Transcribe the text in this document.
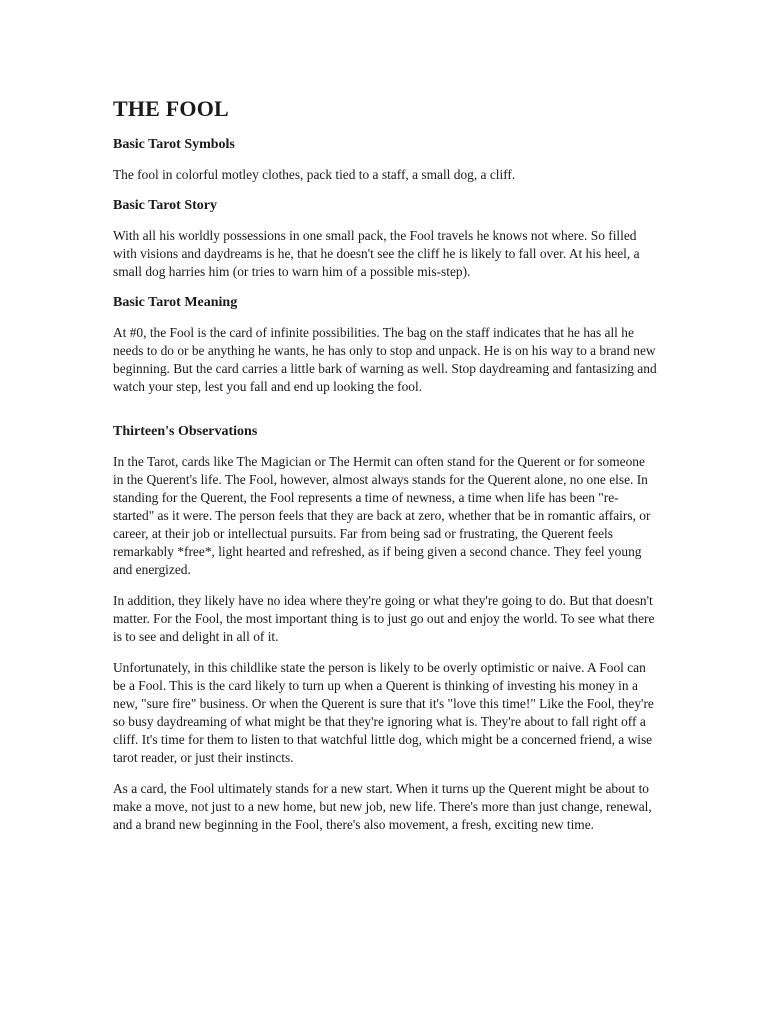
THE FOOL
Basic Tarot Symbols

The fool in colorful motley clothes, pack tied to a staff, a small dog, a cliff.

Basic Tarot Story

With all his worldly possessions in one small pack, the Fool travels he knows not where. So filled with visions and daydreams is he, that he doesn't see the cliff he is likely to fall over. At his heel, a small dog harries him (or tries to warn him of a possible mis-step).

Basic Tarot Meaning

At #0, the Fool is the card of infinite possibilities. The bag on the staff indicates that he has all he needs to do or be anything he wants, he has only to stop and unpack. He is on his way to a brand new beginning. But the card carries a little bark of warning as well. Stop daydreaming and fantasizing and watch your step, lest you fall and end up looking the fool.

Thirteen's Observations

In the Tarot, cards like The Magician or The Hermit can often stand for the Querent or for someone in the Querent's life. The Fool, however, almost always stands for the Querent alone, no one else. In standing for the Querent, the Fool represents a time of newness, a time when life has been "re-started" as it were. The person feels that they are back at zero, whether that be in romantic affairs, or career, at their job or intellectual pursuits. Far from being sad or frustrating, the Querent feels remarkably *free*, light hearted and refreshed, as if being given a second chance. They feel young and energized.

In addition, they likely have no idea where they're going or what they're going to do. But that doesn't matter. For the Fool, the most important thing is to just go out and enjoy the world. To see what there is to see and delight in all of it.

Unfortunately, in this childlike state the person is likely to be overly optimistic or naive. A Fool can be a Fool. This is the card likely to turn up when a Querent is thinking of investing his money in a new, "sure fire" business. Or when the Querent is sure that it's "love this time!" Like the Fool, they're so busy daydreaming of what might be that they're ignoring what is. They're about to fall right off a cliff. It's time for them to listen to that watchful little dog, which might be a concerned friend, a wise tarot reader, or just their instincts.

As a card, the Fool ultimately stands for a new start. When it turns up the Querent might be about to make a move, not just to a new home, but new job, new life. There's more than just change, renewal, and a brand new beginning in the Fool, there's also movement, a fresh, exciting new time.
